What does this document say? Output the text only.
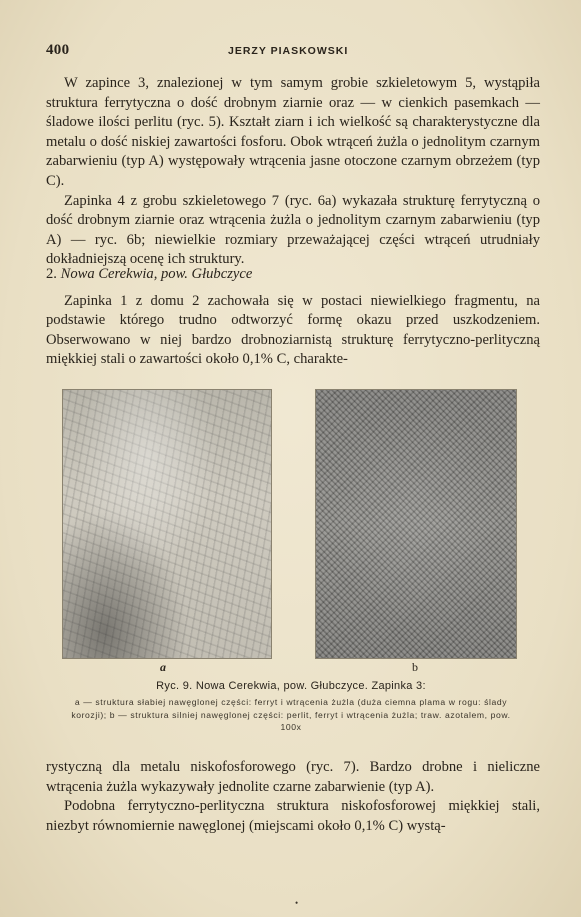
400	JERZY PIASKOWSKI

W zapince 3, znalezionej w tym samym grobie szkieletowym 5, wystąpiła struktura ferrytyczna o dość drobnym ziarnie oraz — w cienkich pasemkach — śladowe ilości perlitu (ryc. 5). Kształt ziarn i ich wielkość są charakterystyczne dla metalu o dość niskiej zawartości fosforu. Obok wtrąceń żużla o jednolitym czarnym zabarwieniu (typ A) występowały wtrącenia jasne otoczone czarnym obrzeżem (typ C).

Zapinka 4 z grobu szkieletowego 7 (ryc. 6a) wykazała strukturę ferrytyczną o dość drobnym ziarnie oraz wtrącenia żużla o jednolitym czarnym zabarwieniu (typ A) — ryc. 6b; niewielkie rozmiary przeważającej części wtrąceń utrudniały dokładniejszą ocenę ich struktury.

2. Nowa Cerekwia, pow. Głubczyce

Zapinka 1 z domu 2 zachowała się w postaci niewielkiego fragmentu, na podstawie którego trudno odtworzyć formę okazu przed uszkodzeniem. Obserwowano w niej bardzo drobnoziarnistą strukturę ferrytyczno-perlityczną miękkiej stali o zawartości około 0,1% C, charakte-

a	b
Ryc. 9. Nowa Cerekwia, pow. Głubczyce. Zapinka 3:
a — struktura słabiej nawęglonej części: ferryt i wtrącenia żużla (duża ciemna plama w rogu: ślady korozji); b — struktura silniej nawęglonej części: perlit, ferryt i wtrącenia żużla; traw. azotalem, pow. 100x

rystyczną dla metalu niskofosforowego (ryc. 7). Bardzo drobne i nieliczne wtrącenia żużla wykazywały jednolite czarne zabarwienie (typ A).

Podobna ferrytyczno-perlityczna struktura niskofosforowej miękkiej stali, niezbyt równomiernie nawęglonej (miejscami około 0,1% C) wystą-

•
